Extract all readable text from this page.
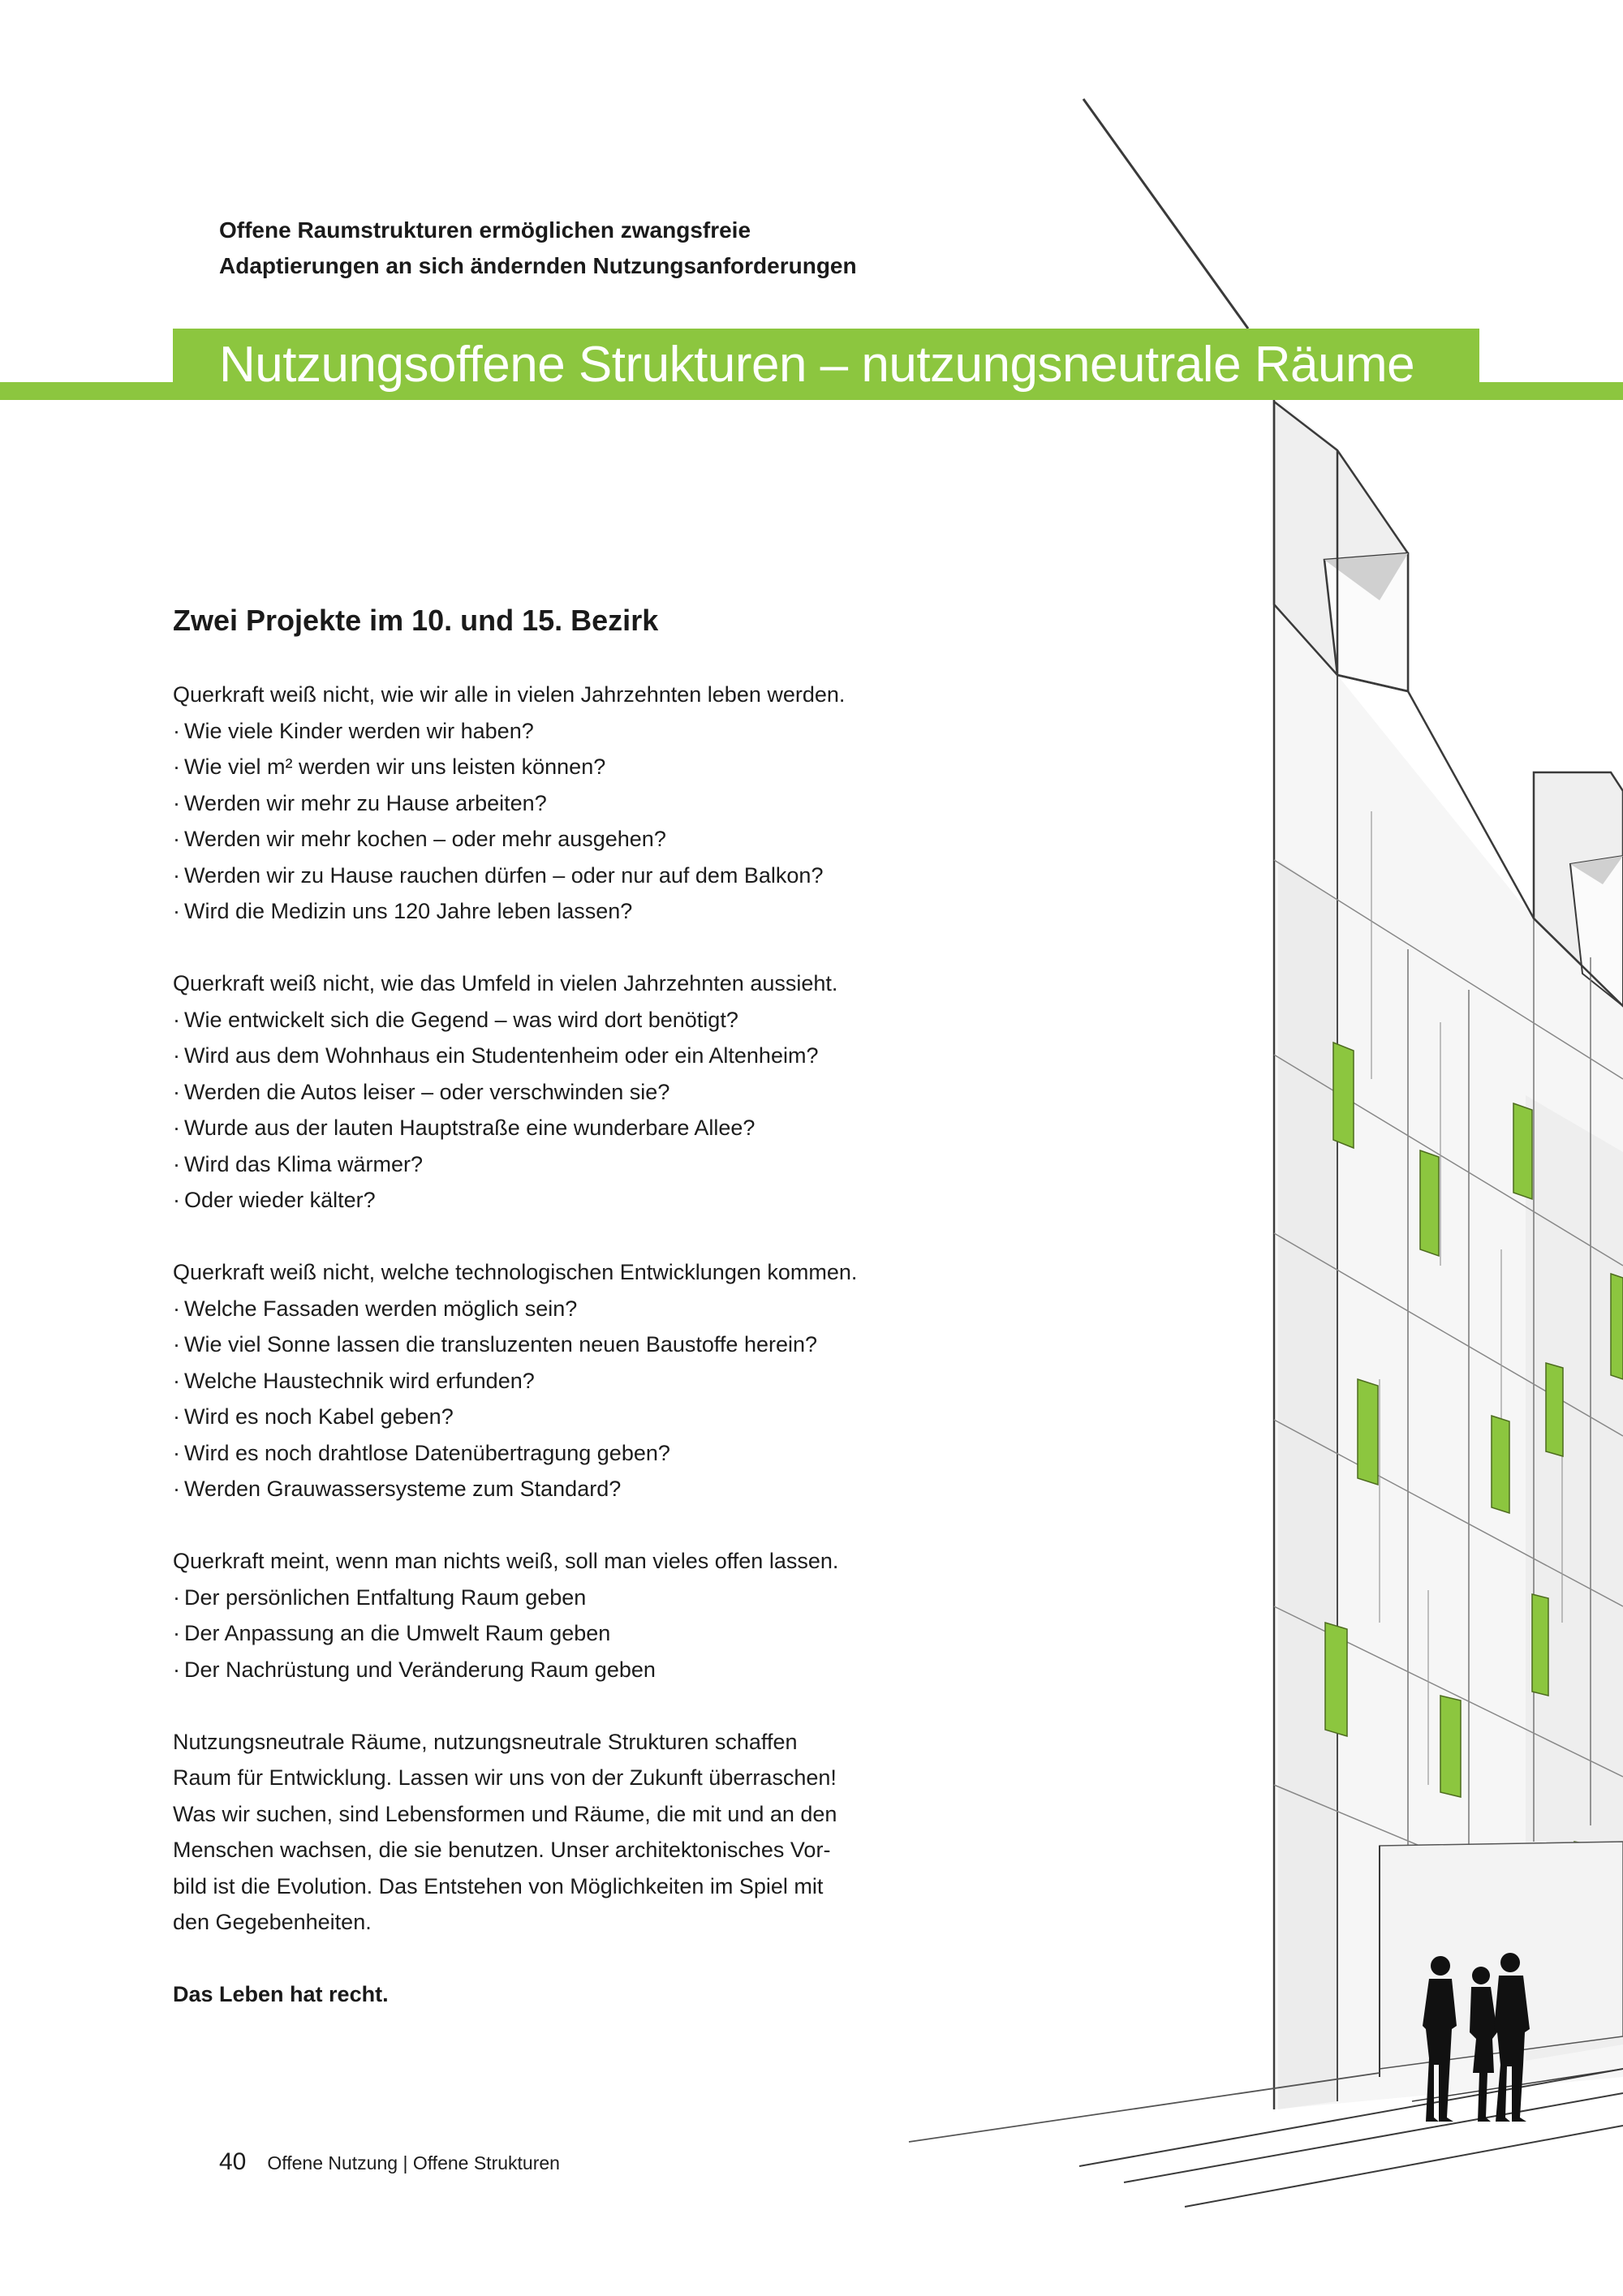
Offene Raumstrukturen ermöglichen zwangsfreie
Adaptierungen an sich ändernden Nutzungsanforderungen
Nutzungsoffene Strukturen – nutzungsneutrale Räume
Zwei Projekte im 10. und 15. Bezirk
Querkraft weiß nicht, wie wir alle in vielen Jahrzehnten leben werden.
· Wie viele Kinder werden wir haben?
· Wie viel m² werden wir uns leisten können?
· Werden wir mehr zu Hause arbeiten?
· Werden wir mehr kochen – oder mehr ausgehen?
· Werden wir zu Hause rauchen dürfen – oder nur auf dem Balkon?
· Wird die Medizin uns 120 Jahre leben lassen?
Querkraft weiß nicht, wie das Umfeld in vielen Jahrzehnten aussieht.
· Wie entwickelt sich die Gegend – was wird dort benötigt?
· Wird aus dem Wohnhaus ein Studentenheim oder ein Altenheim?
· Werden die Autos leiser – oder verschwinden sie?
· Wurde aus der lauten Hauptstraße eine wunderbare Allee?
· Wird das Klima wärmer?
· Oder wieder kälter?
Querkraft weiß nicht, welche technologischen Entwicklungen kommen.
· Welche Fassaden werden möglich sein?
· Wie viel Sonne lassen die transluzenten neuen Baustoffe herein?
· Welche Haustechnik wird erfunden?
· Wird es noch Kabel geben?
· Wird es noch drahtlose Datenübertragung geben?
· Werden Grauwassersysteme zum Standard?
Querkraft meint, wenn man nichts weiß, soll man vieles offen lassen.
· Der persönlichen Entfaltung Raum geben
· Der Anpassung an die Umwelt Raum geben
· Der Nachrüstung und Veränderung Raum geben
Nutzungsneutrale Räume, nutzungsneutrale Strukturen schaffen
Raum für Entwicklung. Lassen wir uns von der Zukunft überraschen!
Was wir suchen, sind Lebensformen und Räume, die mit und an den
Menschen wachsen, die sie benutzen. Unser architektonisches Vor-
bild ist die Evolution. Das Entstehen von Möglichkeiten im Spiel mit
den Gegebenheiten.
Das Leben hat recht.
40 Offene Nutzung | Offene Strukturen
